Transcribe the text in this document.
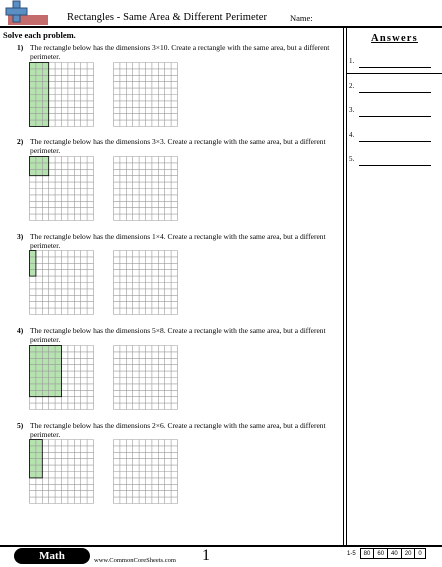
Rectangles - Same Area & Different Perimeter	Name:
Solve each problem.
1) The rectangle below has the dimensions 3×10. Create a rectangle with the same area, but a different perimeter.
2) The rectangle below has the dimensions 3×3. Create a rectangle with the same area, but a different perimeter.
3) The rectangle below has the dimensions 1×4. Create a rectangle with the same area, but a different perimeter.
4) The rectangle below has the dimensions 5×8. Create a rectangle with the same area, but a different perimeter.
5) The rectangle below has the dimensions 2×6. Create a rectangle with the same area, but a different perimeter.
Answers
1.
2.
3.
4.
5.
Math	www.CommonCoreSheets.com 1	1-5	80	60	40	20	0
